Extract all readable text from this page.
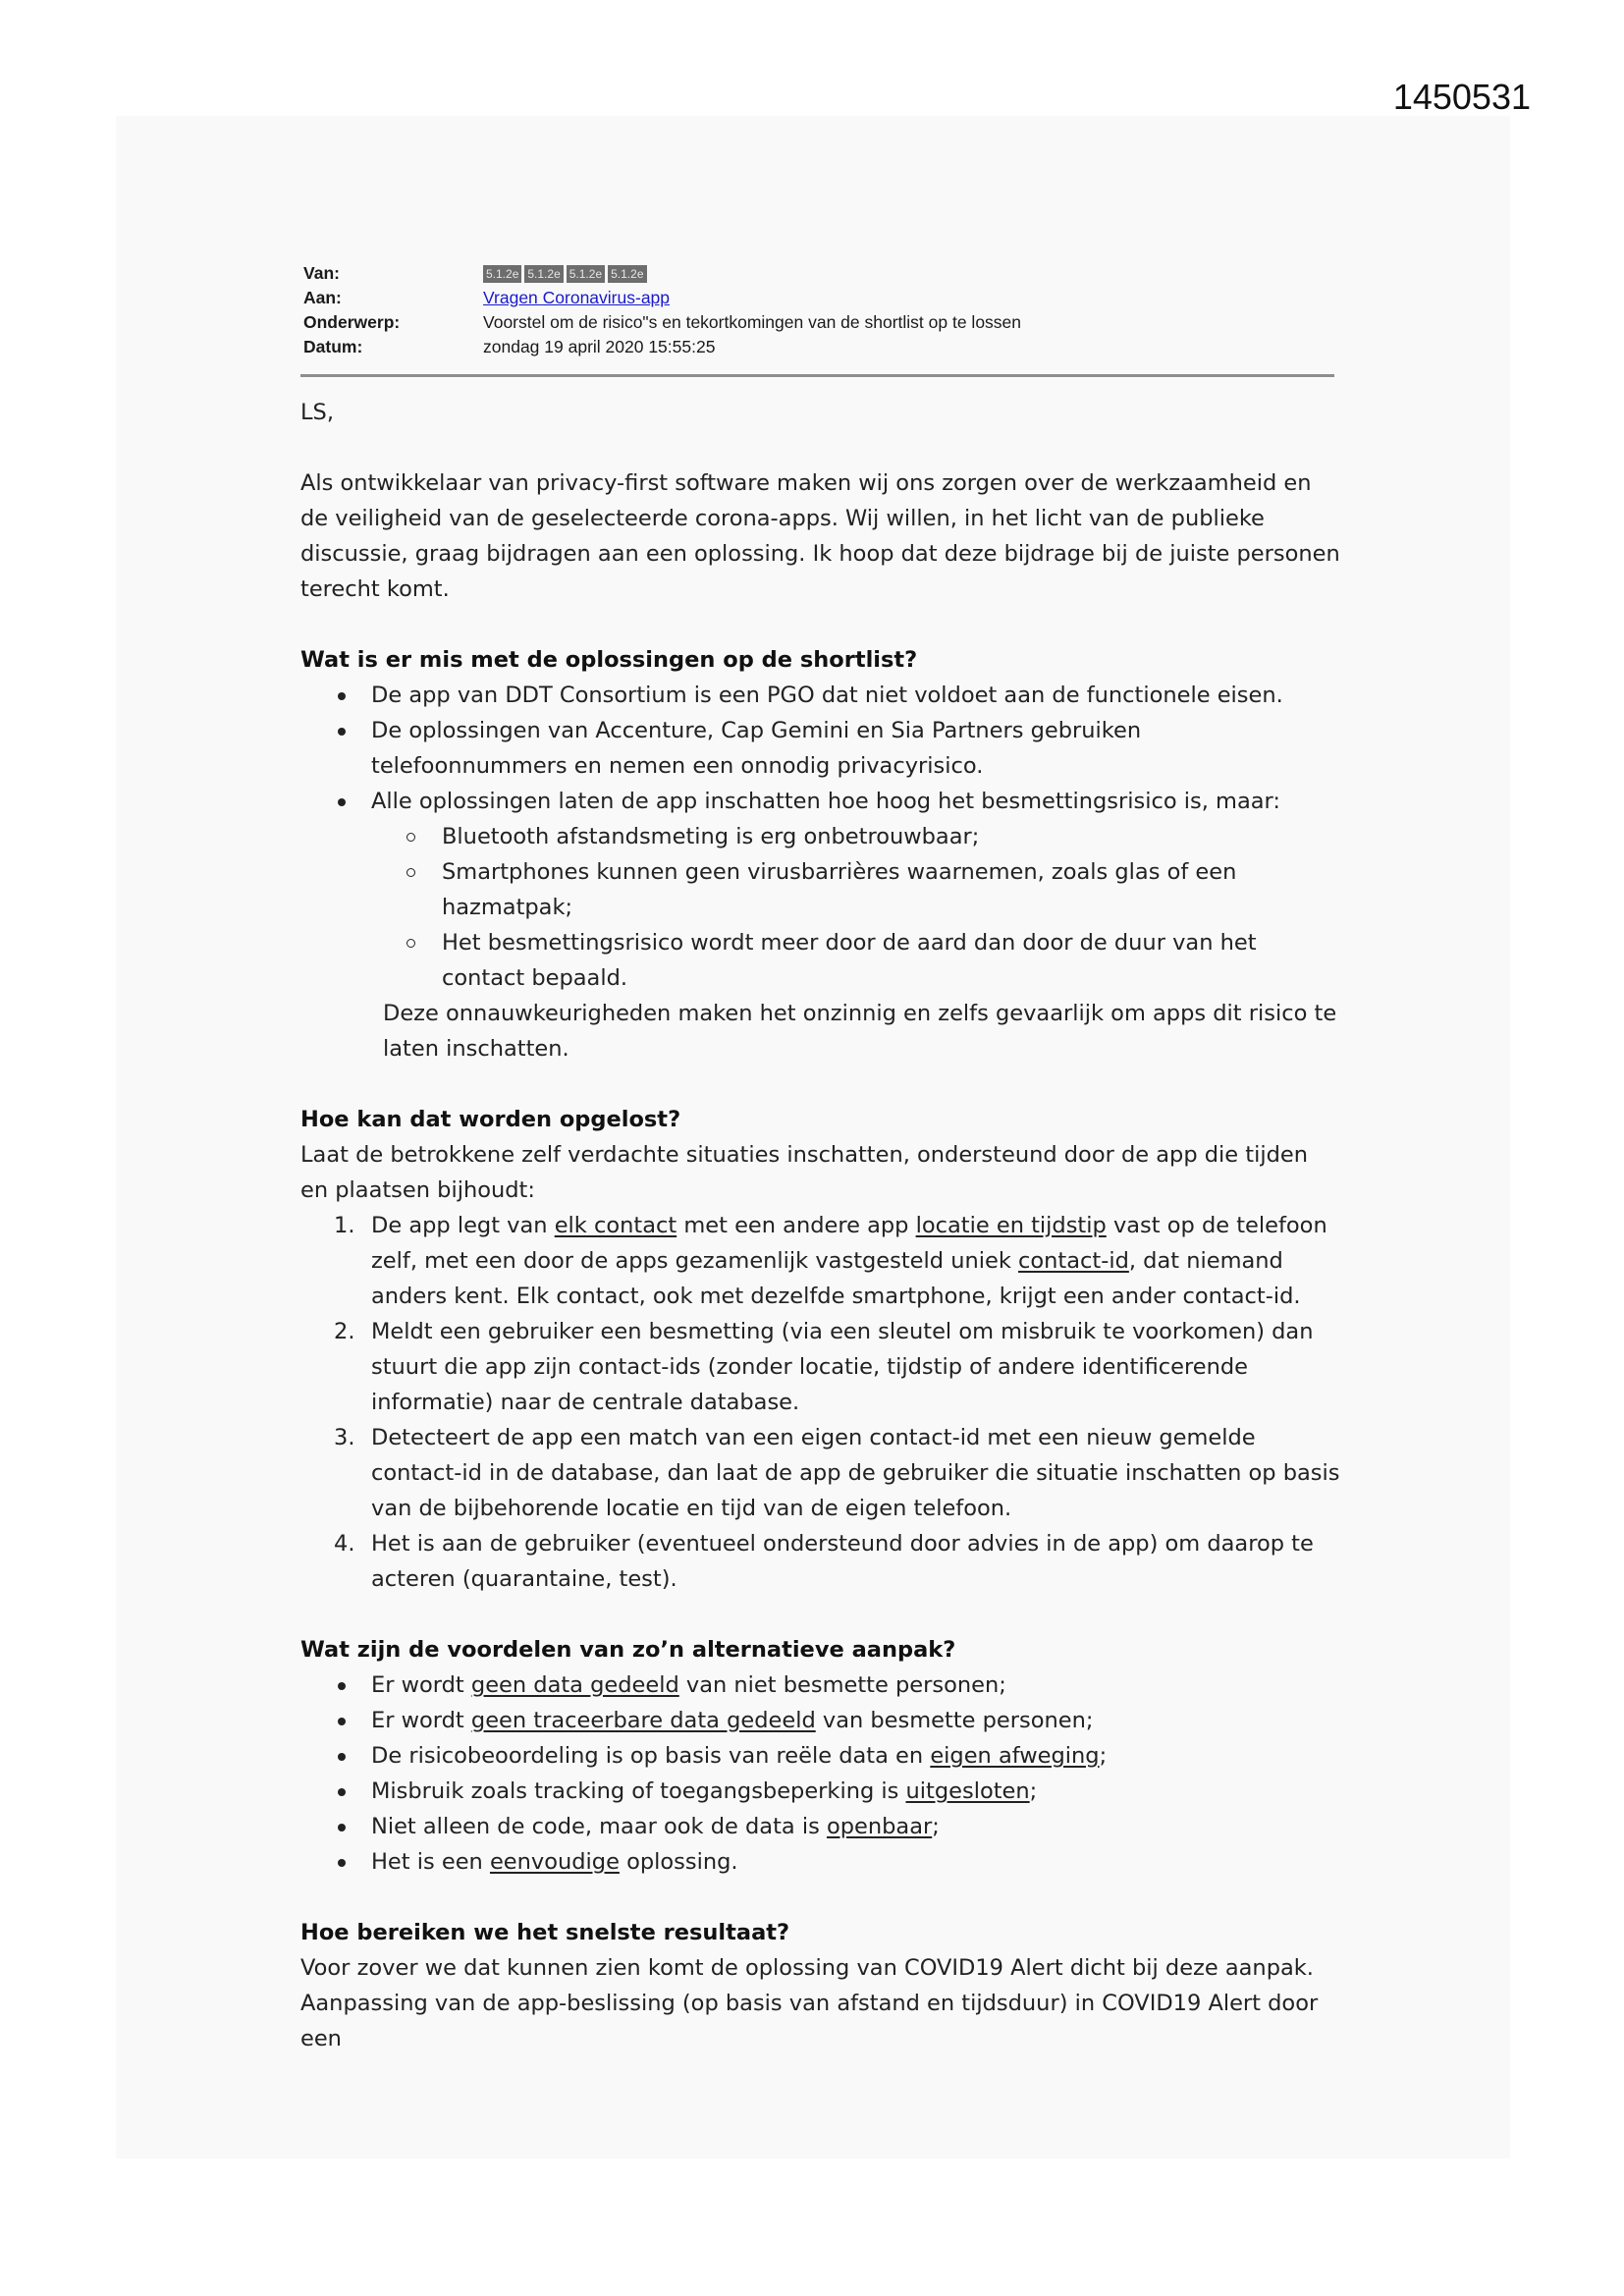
1450531
Van:	5.1.2e 5.1.2e 5.1.2e 5.1.2e
Aan:	Vragen Coronavirus-app
Onderwerp:	Voorstel om de risico"s en tekortkomingen van de shortlist op te lossen
Datum:	zondag 19 april 2020 15:55:25

LS,

Als ontwikkelaar van privacy-first software maken wij ons zorgen over de werkzaamheid en de veiligheid van de geselecteerde corona-apps. Wij willen, in het licht van de publieke discussie, graag bijdragen aan een oplossing. Ik hoop dat deze bijdrage bij de juiste personen terecht komt.

Wat is er mis met de oplossingen op de shortlist?
De app van DDT Consortium is een PGO dat niet voldoet aan de functionele eisen.
De oplossingen van Accenture, Cap Gemini en Sia Partners gebruiken telefoonnummers en nemen een onnodig privacyrisico.
Alle oplossingen laten de app inschatten hoe hoog het besmettingsrisico is, maar:
Bluetooth afstandsmeting is erg onbetrouwbaar;
Smartphones kunnen geen virusbarrières waarnemen, zoals glas of een hazmatpak;
Het besmettingsrisico wordt meer door de aard dan door de duur van het contact bepaald.

Deze onnauwkeurigheden maken het onzinnig en zelfs gevaarlijk om apps dit risico te laten inschatten.

Hoe kan dat worden opgelost?

Laat de betrokkene zelf verdachte situaties inschatten, ondersteund door de app die tijden en plaatsen bijhoudt:

1. De app legt van elk contact met een andere app locatie en tijdstip vast op de telefoon zelf, met een door de apps gezamenlijk vastgesteld uniek contact-id, dat niemand anders kent. Elk contact, ook met dezelfde smartphone, krijgt een ander contact-id.
2. Meldt een gebruiker een besmetting (via een sleutel om misbruik te voorkomen) dan stuurt die app zijn contact-ids (zonder locatie, tijdstip of andere identificerende informatie) naar de centrale database.
3. Detecteert de app een match van een eigen contact-id met een nieuw gemelde contact-id in de database, dan laat de app de gebruiker die situatie inschatten op basis van de bijbehorende locatie en tijd van de eigen telefoon.
4. Het is aan de gebruiker (eventueel ondersteund door advies in de app) om daarop te acteren (quarantaine, test).
Wat zijn de voordelen van zo’n alternatieve aanpak?
Er wordt geen data gedeeld van niet besmette personen;
Er wordt geen traceerbare data gedeeld van besmette personen;
De risicobeoordeling is op basis van reële data en eigen afweging;
Misbruik zoals tracking of toegangsbeperking is uitgesloten;
Niet alleen de code, maar ook de data is openbaar;
Het is een eenvoudige oplossing.
Hoe bereiken we het snelste resultaat?

Voor zover we dat kunnen zien komt de oplossing van COVID19 Alert dicht bij deze aanpak. Aanpassing van de app-beslissing (op basis van afstand en tijdsduur) in COVID19 Alert door een
